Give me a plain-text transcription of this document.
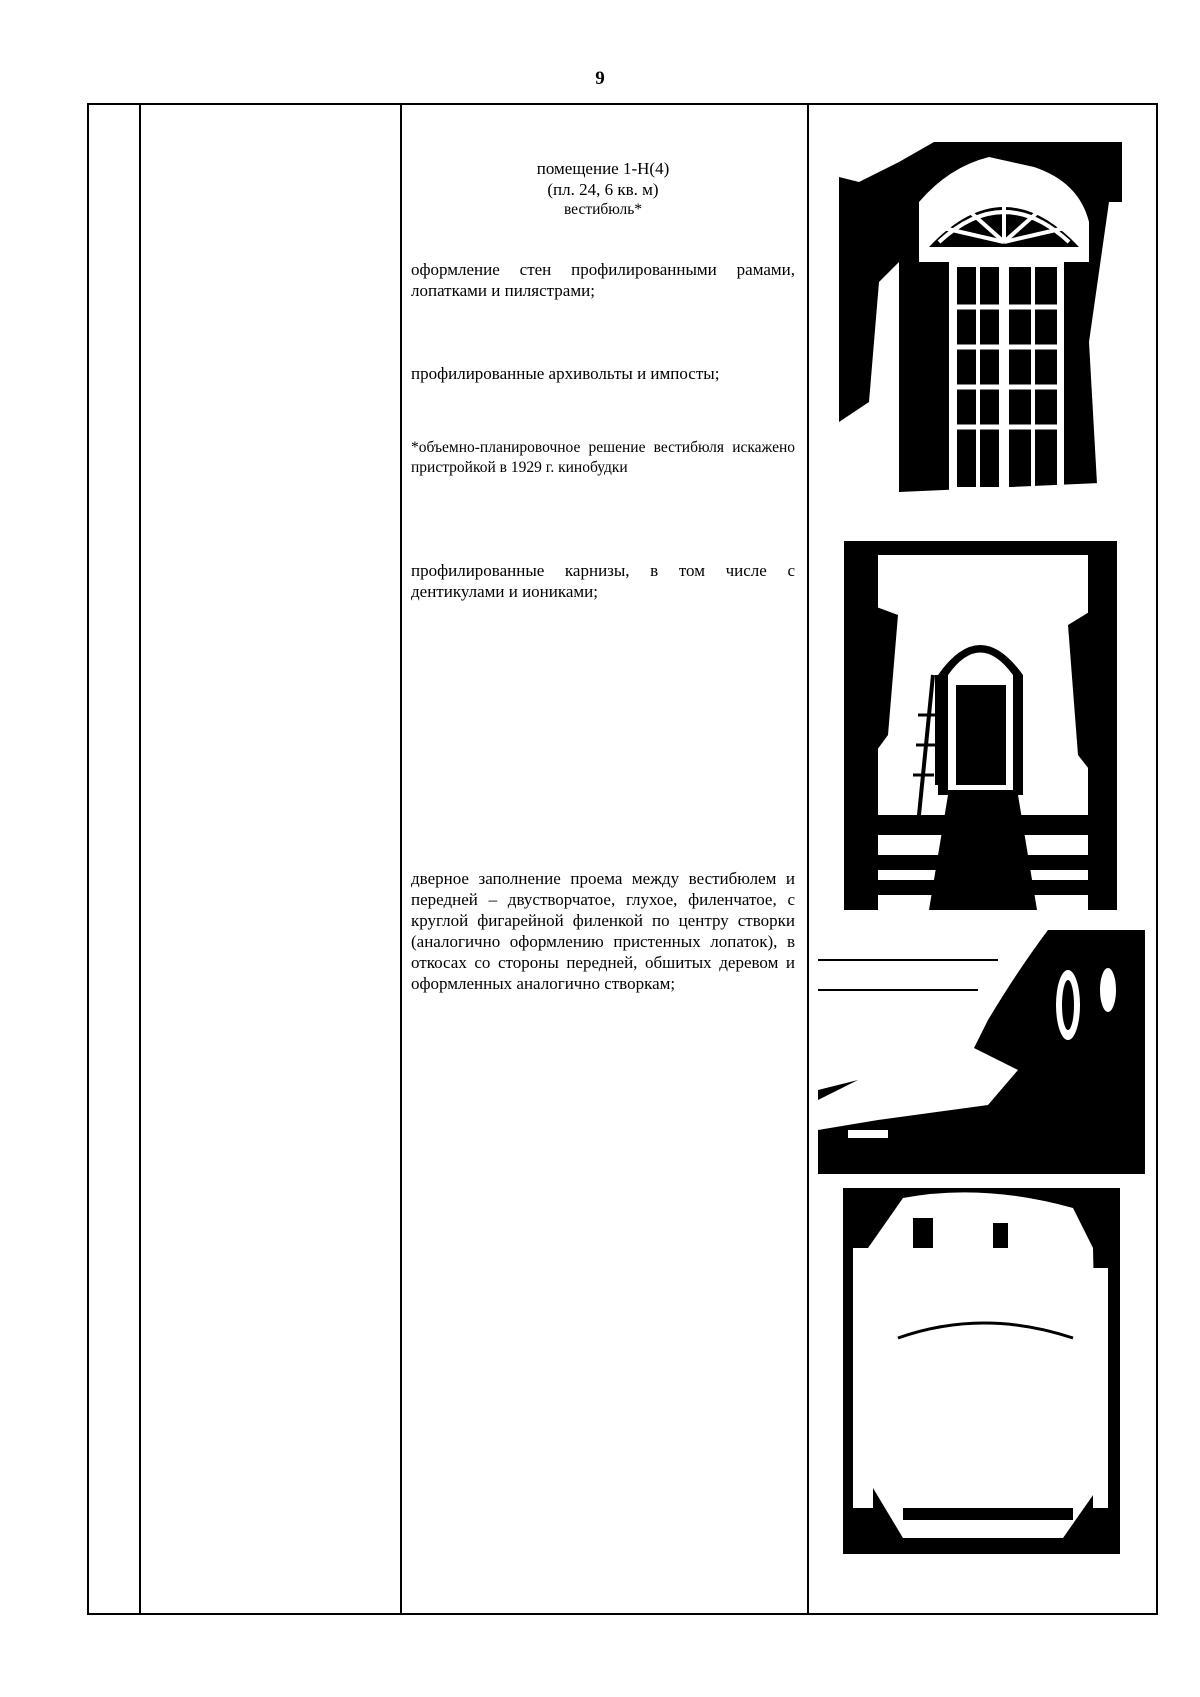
9
помещение 1-Н(4)
(пл. 24, 6 кв. м)
вестибюль*
оформление стен профилированными рамами, лопатками и пилястрами;
профилированные архивольты и импосты;
*объемно-планировочное решение вестибюля искажено пристройкой в 1929 г. кинобудки
профилированные карнизы, в том числе с дентикулами и иониками;
дверное заполнение проема между вестибюлем и передней – двустворчатое, глухое, филенчатое, с круглой фигарейной филенкой по центру створки (аналогично оформлению пристенных лопаток), в откосах со стороны передней, обшитых деревом и оформленных аналогично створкам;
